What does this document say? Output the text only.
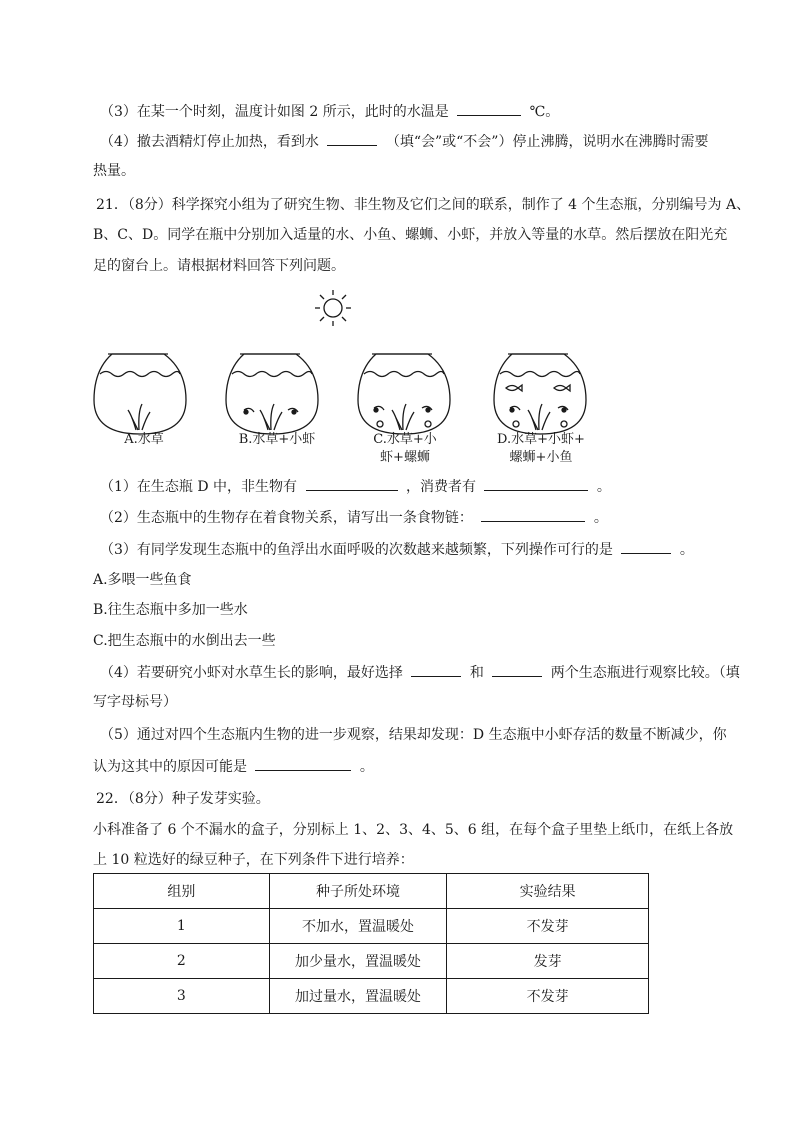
（3）在某一个时刻，温度计如图 2 所示，此时的水温是	℃。
（4）撤去酒精灯停止加热，看到水	（填“会”或“不会”）停止沸腾，说明水在沸腾时需要
热量。
21．（8分）科学探究小组为了研究生物、非生物及它们之间的联系，制作了 4 个生态瓶，分别编号为 A、
B、C、D。同学在瓶中分别加入适量的水、小鱼、螺蛳、小虾，并放入等量的水草。然后摆放在阳光充
足的窗台上。请根据材料回答下列问题。
A.水草	B.水草+小虾	C.水草+小
虾+螺蛳
D.水草+小虾+
螺蛳+小鱼
（1）在生态瓶 D 中，非生物有	，消费者有	。
（2）生态瓶中的生物存在着食物关系，请写出一条食物链：	。
（3）有同学发现生态瓶中的鱼浮出水面呼吸的次数越来越频繁，下列操作可行的是	。
A.多喂一些鱼食
B.往生态瓶中多加一些水
C.把生态瓶中的水倒出去一些
（4）若要研究小虾对水草生长的影响，最好选择	和	两个生态瓶进行观察比较。（填
写字母标号）
（5）通过对四个生态瓶内生物的进一步观察，结果却发现：D 生态瓶中小虾存活的数量不断减少，你
认为这其中的原因可能是	。
22．（8分）种子发芽实验。
小科准备了 6 个不漏水的盒子，分别标上 1、2、3、4、5、6 组，在每个盒子里垫上纸巾，在纸上各放
上 10 粒选好的绿豆种子，在下列条件下进行培养：
组别	种子所处环境	实验结果
1	不加水，置温暖处	不发芽
2	加少量水，置温暖处	发芽
3	加过量水，置温暖处	不发芽
